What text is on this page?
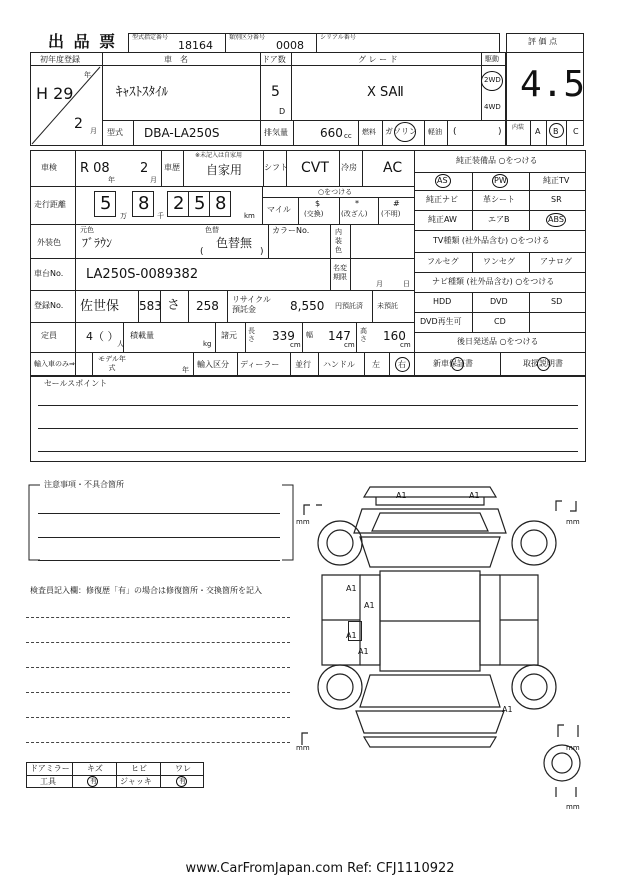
出 品 票 型式指定番号
18164
類別区分番号
0008
シリアル番号
初年度登録
年
H 29
2 月
車　名
ｷｬｽﾄｽﾀｲﾙ
ドア数
5
D
グ レ ー ド
X SAⅡ
駆動
2WD
4WD
型式 DBA-LA250S	排気量	660 cc 燃料 ガソリン 軽油 (	)
評 価 点
4.5
内装 A B C
車検 R 08
年
2
月
車歴
※未記入は自家用
自家用	シフト CVT 冷房 AC
走行距離 5 8 2 5 8
万	千	km
○をつける
マイル
$
(交換)
*
(改ざん)
#
(不明)
外装色
元色
ﾌﾞﾗｳﾝ
色替
色替無
(	)
カラーNo.	内装色
車台No. LA250S-0089382	名変期限
月	日
登録No. 佐世保 583 さ 258 リサイクル預託金	8,550 円預託済 未預託
定員	4（ ）
人
積載量
kg
諸元 長さ 339
cm
幅 147
cm
高さ 160
cm
輸入車のみ⇒
モデル年式	年
輸入区分 ディーラー 並行 ハンドル 左 右
純正装備品 ○をつける
AS	PW	純正TV
純正ナビ	革シート	SR
純正AW	エアB	ABS
TV種類 (社外品含む) ○をつける
フルセグ	ワンセグ	アナログ
ナビ種類 (社外品含む) ○をつける
HDD	DVD	SD
DVD再生可	CD
後日発送品 ○をつける
新車保証書	取扱説明書
セールスポイント
注意事項・不具合箇所
検査員記入欄：修復歴「有」の場合は修復箇所・交換箇所を記入
ドアミラー キズ	ヒビ	ワレ
工具	有	ジャッキ	有
A1	A1
A1
A1
A1
A1
A1
mm	mm
mm	mm
mm
www.CarFromJapan.com Ref: CFJ1110922
